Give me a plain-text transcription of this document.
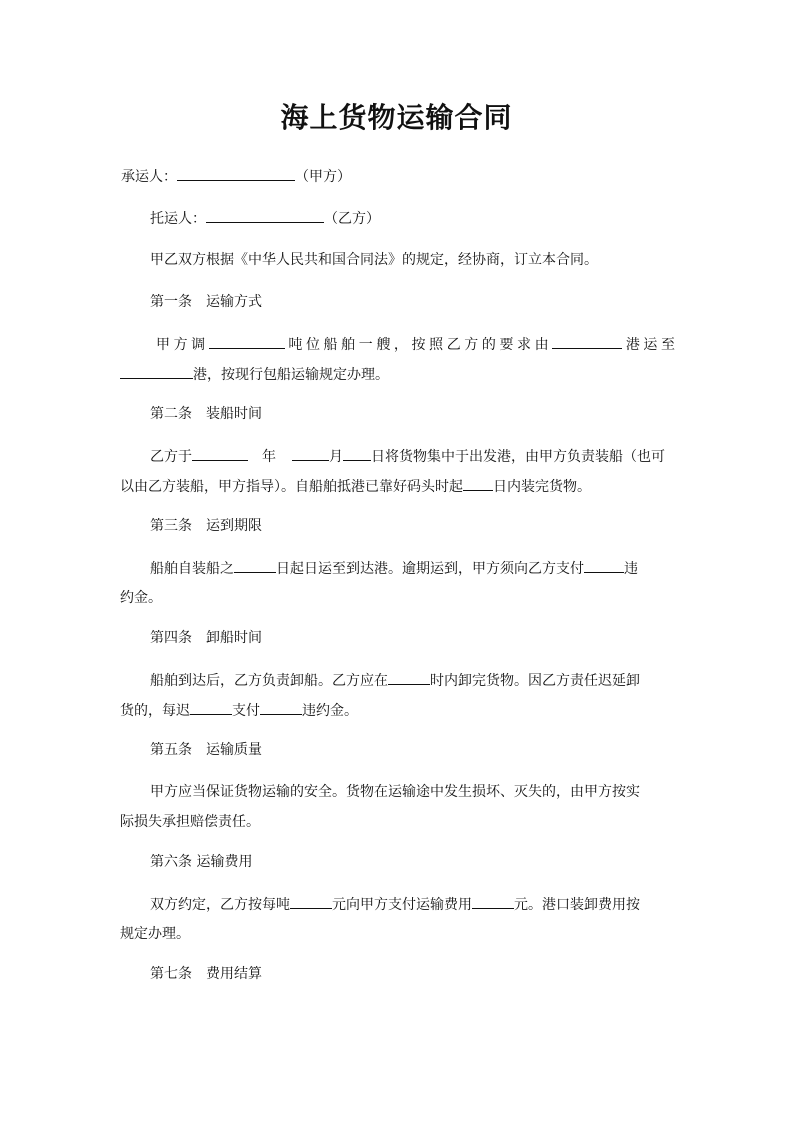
海上货物运输合同
承运人：	（甲方）
托运人：	（乙方）
甲乙双方根据《中华人民共和国合同法》的规定，经协商，订立本合同。
第一条　运输方式
甲方调	吨位船舶一艘，按照乙方的要求由	港运至
港，按现行包船运输规定办理。
第二条　装船时间
乙方于	年	月 日将货物集中于出发港，由甲方负责装船（也可
以由乙方装船，甲方指导）。自船舶抵港已靠好码头时起 日内装完货物。
第三条　运到期限
船舶自装船之	日起日运至到达港。逾期运到，甲方须向乙方支付	违
约金。
第四条　卸船时间
船舶到达后，乙方负责卸船。乙方应在	时内卸完货物。因乙方责任迟延卸
货的，每迟	支付	违约金。
第五条　运输质量
甲方应当保证货物运输的安全。货物在运输途中发生损坏、灭失的，由甲方按实
际损失承担赔偿责任。
第六条 运输费用
双方约定，乙方按每吨	元向甲方支付运输费用	元。港口装卸费用按
规定办理。
第七条　费用结算
